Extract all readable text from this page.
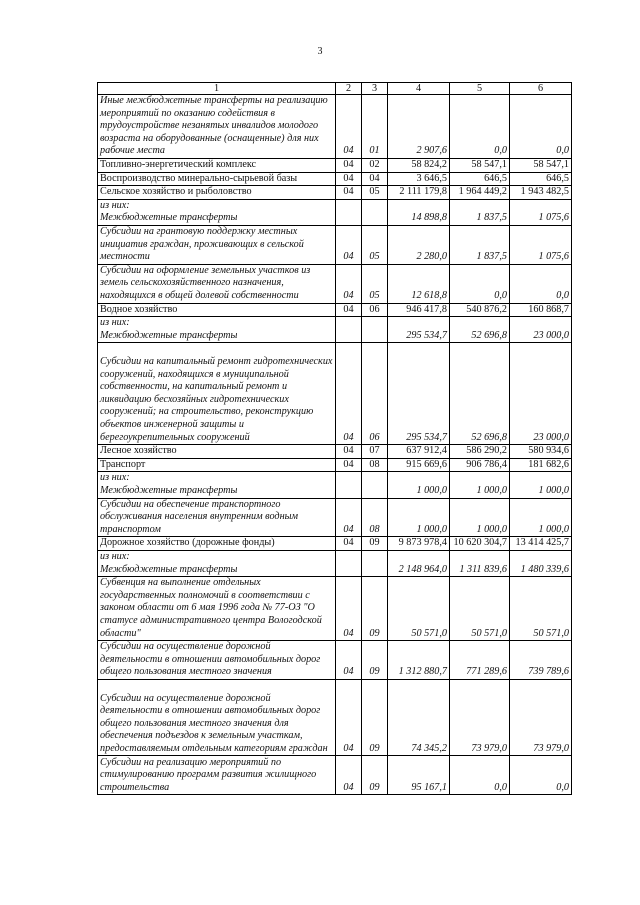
3
1	2	3	4	5	6

Иные межбюджетные трансферты на реализацию мероприятий по оказанию содействия в трудоустройстве незанятых инвалидов молодого возраста на оборудованные (оснащенные) для них рабочие места	04	01	2 907,6	0,0	0,0

Топливно-энергетический комплекс	04	02	58 824,2	58 547,1	58 547,1

Воспроизводство минерально-сырьевой базы	04	04	3 646,5	646,5	646,5

Сельское хозяйство и рыболовство	04	05	2 111 179,8	1 964 449,2	1 943 482,5

из них:
Межбюджетные трансферты			14 898,8	1 837,5	1 075,6

Субсидии на грантовую поддержку местных инициатив граждан, проживающих в сельской местности	04	05	2 280,0	1 837,5	1 075,6

Субсидии на оформление земельных участков из земель сельскохозяйственного назначения, находящихся в общей долевой собственности	04	05	12 618,8	0,0	0,0

Водное хозяйство	04	06	946 417,8	540 876,2	160 868,7

из них:
Межбюджетные трансферты			295 534,7	52 696,8	23 000,0

Субсидии на капитальный ремонт гидротехнических сооружений, находящихся в муниципальной собственности, на капитальный ремонт и ликвидацию бесхозяйных гидротехнических сооружений; на строительство, реконструкцию объектов инженерной защиты и берегоукрепительных сооружений	04	06	295 534,7	52 696,8	23 000,0

Лесное хозяйство	04	07	637 912,4	586 290,2	580 934,6

Транспорт	04	08	915 669,6	906 786,4	181 682,6

из них:
Межбюджетные трансферты			1 000,0	1 000,0	1 000,0

Субсидии на обеспечение транспортного обслуживания населения внутренним водным транспортом	04	08	1 000,0	1 000,0	1 000,0

Дорожное хозяйство (дорожные фонды)	04	09	9 873 978,4	10 620 304,7	13 414 425,7

из них:
Межбюджетные трансферты			2 148 964,0	1 311 839,6	1 480 339,6

Субвенция на выполнение отдельных государственных полномочий в соответствии с законом области от 6 мая 1996 года № 77-ОЗ "О статусе административного центра Вологодской области"	04	09	50 571,0	50 571,0	50 571,0

Субсидии на осуществление дорожной деятельности в отношении автомобильных дорог общего пользования местного значения	04	09	1 312 880,7	771 289,6	739 789,6

Субсидии на осуществление дорожной деятельности в отношении автомобильных дорог общего пользования местного значения для обеспечения подъездов к земельным участкам, предоставляемым отдельным категориям граждан	04	09	74 345,2	73 979,0	73 979,0

Субсидии на реализацию мероприятий по стимулированию программ развития жилищного строительства	04	09	95 167,1	0,0	0,0
